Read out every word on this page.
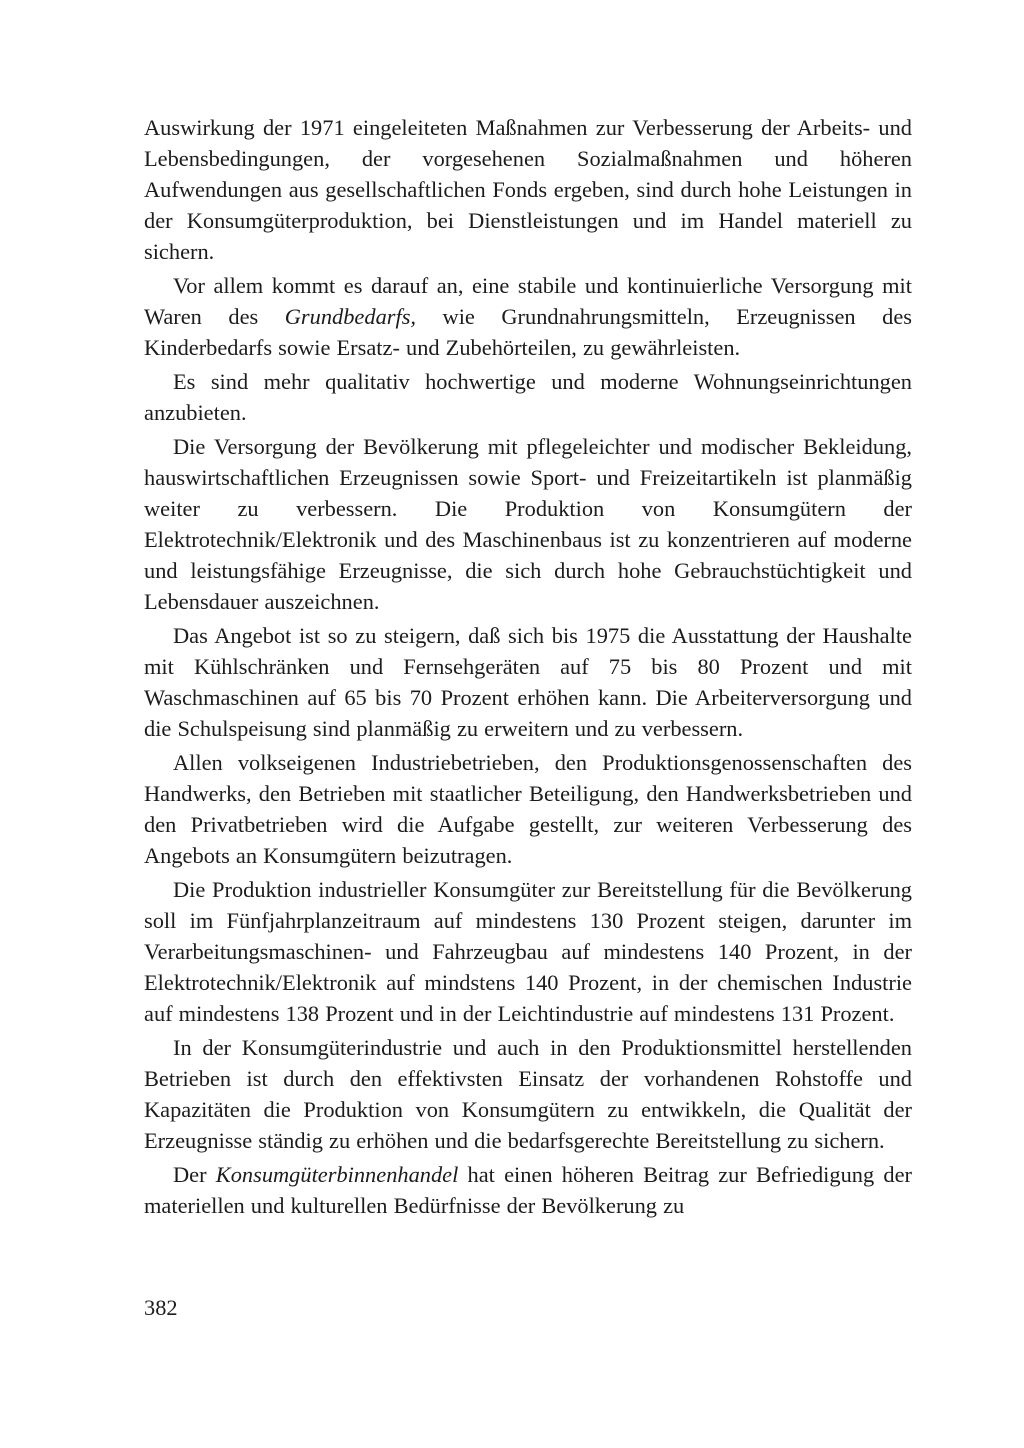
Auswirkung der 1971 eingeleiteten Maßnahmen zur Verbesserung der Arbeits- und Lebensbedingungen, der vorgesehenen Sozialmaßnahmen und höheren Aufwendungen aus gesellschaftlichen Fonds ergeben, sind durch hohe Leistungen in der Konsumgüterproduktion, bei Dienstleistungen und im Handel materiell zu sichern.

Vor allem kommt es darauf an, eine stabile und kontinuierliche Versorgung mit Waren des Grundbedarfs, wie Grundnahrungsmitteln, Erzeugnissen des Kinderbedarfs sowie Ersatz- und Zubehörteilen, zu gewährleisten.

Es sind mehr qualitativ hochwertige und moderne Wohnungseinrichtungen anzubieten.

Die Versorgung der Bevölkerung mit pflegeleichter und modischer Bekleidung, hauswirtschaftlichen Erzeugnissen sowie Sport- und Freizeitartikeln ist planmäßig weiter zu verbessern. Die Produktion von Konsumgütern der Elektrotechnik/Elektronik und des Maschinenbaus ist zu konzentrieren auf moderne und leistungsfähige Erzeugnisse, die sich durch hohe Gebrauchstüchtigkeit und Lebensdauer auszeichnen.

Das Angebot ist so zu steigern, daß sich bis 1975 die Ausstattung der Haushalte mit Kühlschränken und Fernsehgeräten auf 75 bis 80 Prozent und mit Waschmaschinen auf 65 bis 70 Prozent erhöhen kann. Die Arbeiterversorgung und die Schulspeisung sind planmäßig zu erweitern und zu verbessern.

Allen volkseigenen Industriebetrieben, den Produktionsgenossenschaften des Handwerks, den Betrieben mit staatlicher Beteiligung, den Handwerksbetrieben und den Privatbetrieben wird die Aufgabe gestellt, zur weiteren Verbesserung des Angebots an Konsumgütern beizutragen.

Die Produktion industrieller Konsumgüter zur Bereitstellung für die Bevölkerung soll im Fünfjahrplanzeitraum auf mindestens 130 Prozent steigen, darunter im Verarbeitungsmaschinen- und Fahrzeugbau auf mindestens 140 Prozent, in der Elektrotechnik/Elektronik auf mindstens 140 Prozent, in der chemischen Industrie auf mindestens 138 Prozent und in der Leichtindustrie auf mindestens 131 Prozent.

In der Konsumgüterindustrie und auch in den Produktionsmittel herstellenden Betrieben ist durch den effektivsten Einsatz der vorhandenen Rohstoffe und Kapazitäten die Produktion von Konsumgütern zu entwikkeln, die Qualität der Erzeugnisse ständig zu erhöhen und die bedarfsgerechte Bereitstellung zu sichern.

Der Konsumgüterbinnenhandel hat einen höheren Beitrag zur Befriedigung der materiellen und kulturellen Bedürfnisse der Bevölkerung zu

382
